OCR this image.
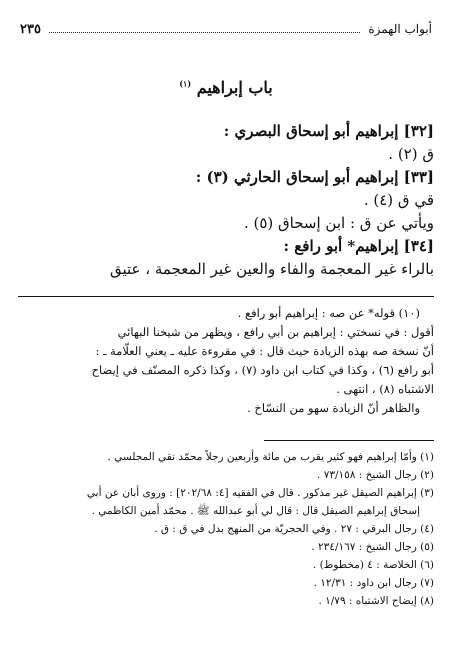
أبواب الهمزة
٢٣٥
باب إبراهيم $^{(١)}$
[٣٢] إبراهيم أبو إسحاق البصري :
ق (٢) .
[٣٣] إبراهيم أبو إسحاق الحارثي (٣) :
قي ق (٤) .
ويأتي عن ق : ابن إسحاق (٥) .
[٣٤] إبراهيم* أبو رافع :
بالراء غير المعجمة والفاء والعين غير المعجمة ، عتيق
(١٠) قوله* عن صه : إبراهيم أبو رافع .
أقول : في نسختي : إبراهيم بن أبي رافع ، ويظهر من شيخنا البهائي
أنّ نسخة صه بهذه الزيادة حيث قال : في مقروءة عليه ـ يعني العلّامة ـ :
أبو رافع (٦) ، وكذا في كتاب ابن داود (٧) ، وكذا ذكره المصنّف في إيضاح
الاشتباه (٨) ، انتهى .
والظاهر أنّ الزيادة سهو من النسّاخ .
(١) وأمّا إبراهيم فهو كثير يقرب من مائة وأربعين رجلاً محمّد تقي المجلسي .
(٢) رجال الشيخ : ٧٣/١٥٨ .
(٣) إبراهيم الصيقل غير مذكور . قال في الفقيه [٤: ٢٠٢/٦٨] : وروى أبان عن أبي
إسحاق إبراهيم الصيقل قال : قال لي أبو عبدالله ﷺ . محمّد أمين الكاظمي .
(٤) رجال البرقي : ٢٧ . وفي الحجريّة من المنهج بدل في ق : ق .
(٥) رجال الشيخ : ٢٣٤/١٦٧ .
(٦) الخلاصة : ٤ (مخطوط) .
(٧) رجال ابن داود : ١٢/٣١ .
(٨) إيضاح الاشتباه : ١/٧٩ .
